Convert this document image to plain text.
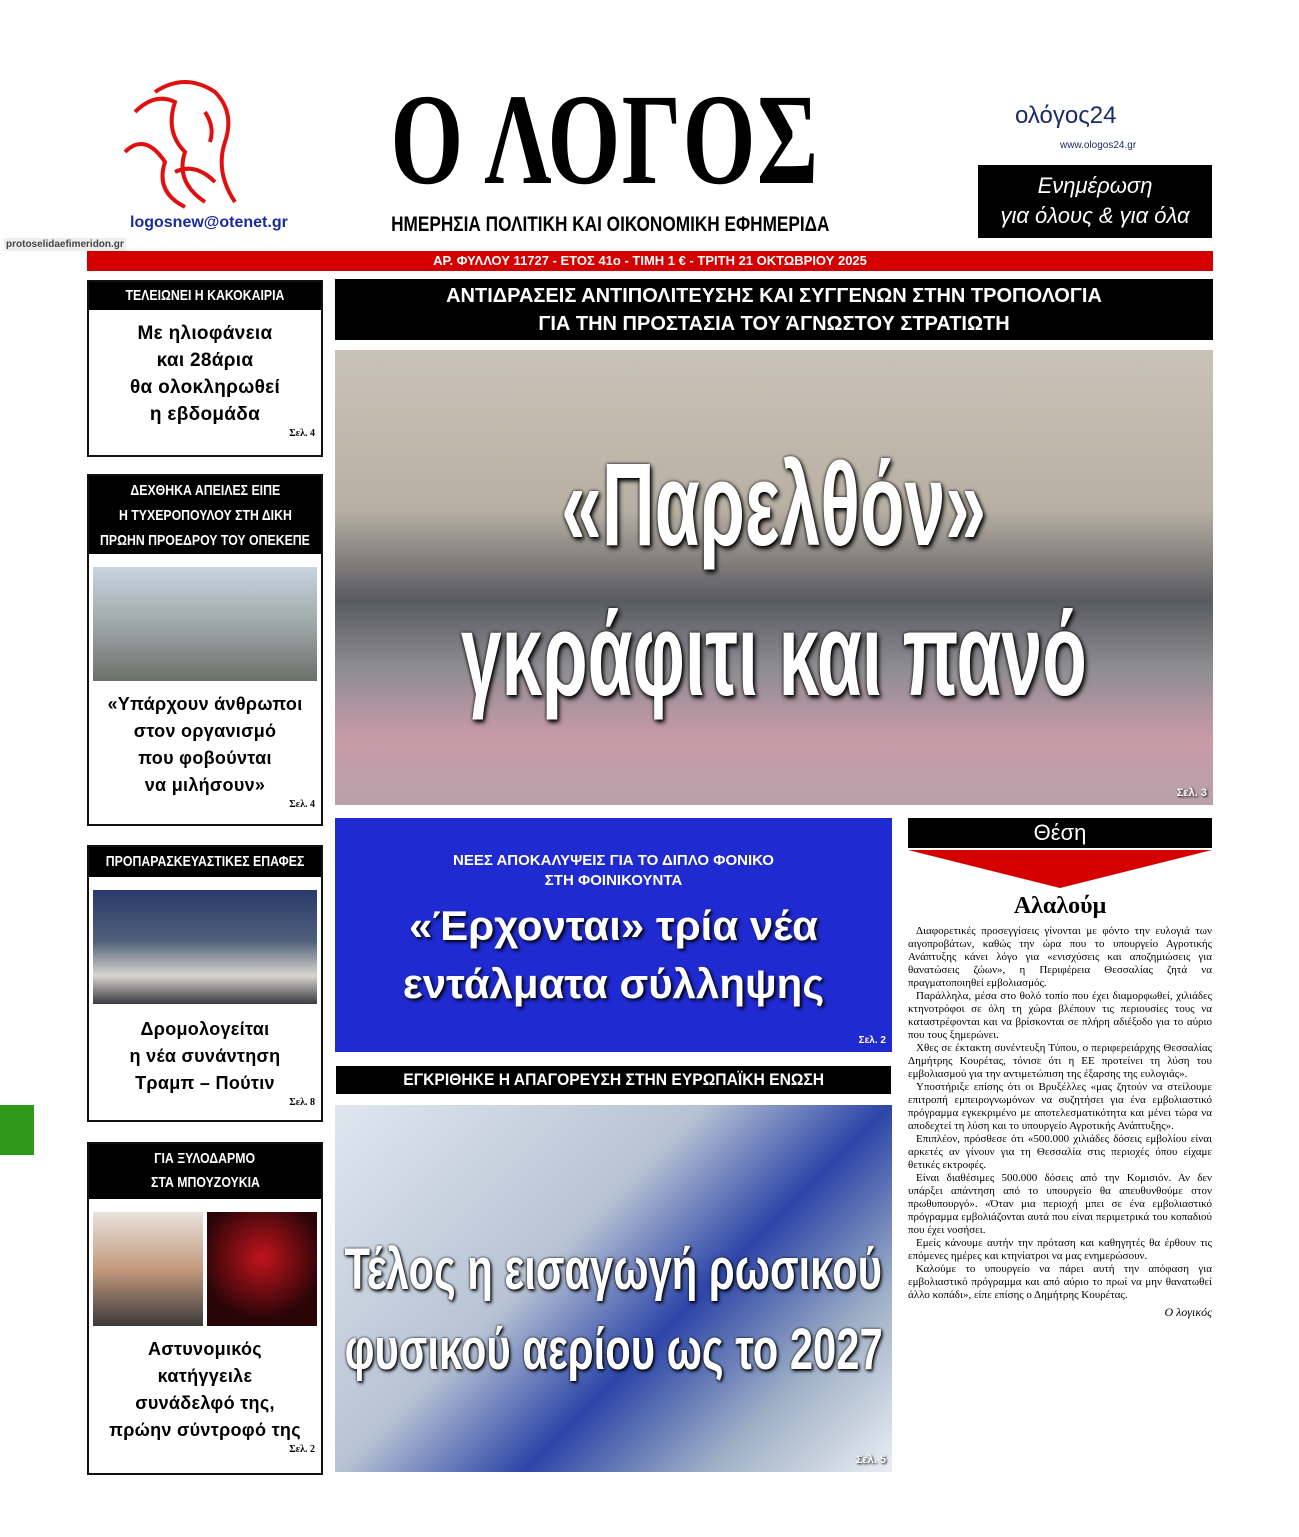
logosnew@otenet.gr
protoselidaefimeridon.gr
Ο ΛΟΓΟΣ
ΗΜΕΡΗΣΙΑ ΠΟΛΙΤΙΚΗ ΚΑΙ ΟΙΚΟΝΟΜΙΚΗ ΕΦΗΜΕΡΙΔΑ
ολόγος24
www.ologos24.gr
Ενημέρωση
για όλους & για όλα
ΑΡ. ΦΥΛΛΟΥ 11727 - ΕΤΟΣ 41ο - ΤΙΜΗ 1 € - ΤΡΙΤΗ 21 ΟΚΤΩΒΡΙΟΥ 2025
ΤΕΛΕΙΩΝΕΙ Η ΚΑΚΟΚΑΙΡΙΑ
Με ηλιοφάνεια
και 28άρια
θα ολοκληρωθεί
η εβδομάδα
Σελ. 4
ΔΕΧΘΗΚΑ ΑΠΕΙΛΕΣ ΕΙΠΕ
Η ΤΥΧΕΡΟΠΟΥΛΟΥ ΣΤΗ ΔΙΚΗ
ΠΡΩΗΝ ΠΡΟΕΔΡΟΥ ΤΟΥ ΟΠΕΚΕΠΕ
«Υπάρχουν άνθρωποι
στον οργανισμό
που φοβούνται
να μιλήσουν»
Σελ. 4
ΠΡΟΠΑΡΑΣΚΕΥΑΣΤΙΚΕΣ ΕΠΑΦΕΣ
Δρομολογείται
η νέα συνάντηση
Τραμπ – Πούτιν
Σελ. 8
ΓΙΑ ΞΥΛΟΔΑΡΜΟ
ΣΤΑ ΜΠΟΥΖΟΥΚΙΑ
Αστυνομικός
κατήγγειλε
συνάδελφό της,
πρώην σύντροφό της
Σελ. 2
ΑΝΤΙΔΡΑΣΕΙΣ ΑΝΤΙΠΟΛΙΤΕΥΣΗΣ ΚΑΙ ΣΥΓΓΕΝΩΝ ΣΤΗΝ ΤΡΟΠΟΛΟΓΙΑ
ΓΙΑ ΤΗΝ ΠΡΟΣΤΑΣΙΑ ΤΟΥ ΆΓΝΩΣΤΟΥ ΣΤΡΑΤΙΩΤΗ
«Παρελθόν»
γκράφιτι και πανό
Σελ. 3
ΝΕΕΣ ΑΠΟΚΑΛΥΨΕΙΣ ΓΙΑ ΤΟ ΔΙΠΛΟ ΦΟΝΙΚΟ
ΣΤΗ ΦΟΙΝΙΚΟΥΝΤΑ
«Έρχονται» τρία νέα
εντάλματα σύλληψης
Σελ. 2
ΕΓΚΡΙΘΗΚΕ Η ΑΠΑΓΟΡΕΥΣΗ ΣΤΗΝ ΕΥΡΩΠΑΪΚΗ ΕΝΩΣΗ
Τέλος η εισαγωγή ρωσικού
φυσικού αερίου ως το 2027
Σελ. 5
Θέση
Αλαλούμ

Διαφορετικές προσεγγίσεις γίνονται με φόντο την ευλογιά των αιγοπροβάτων, καθώς την ώρα που το υπουργείο Αγροτικής Ανάπτυξης κάνει λόγο για «ενισχύσεις και αποζημιώσεις για θανατώσεις ζώων», η Περιφέρεια Θεσσαλίας ζητά να πραγματοποιηθεί εμβολιασμός.

Παράλληλα, μέσα στο θολό τοπίο που έχει διαμορφωθεί, χιλιάδες κτηνοτρόφοι σε όλη τη χώρα βλέπουν τις περιουσίες τους να καταστρέφονται και να βρίσκονται σε πλήρη αδιέξοδο για το αύριο που τους ξημερώνει.

Χθες σε έκτακτη συνέντευξη Τύπου, ο περιφερειάρχης Θεσσαλίας Δημήτρης Κουρέτας, τόνισε ότι η ΕΕ προτείνει τη λύση του εμβολιασμού για την αντιμετώπιση της έξαρσης της ευλογιάς».

Υποστήριξε επίσης ότι οι Βρυξέλλες «μας ζητούν να στείλουμε επιτροπή εμπειρογνωμόνων να συζητήσει για ένα εμβολιαστικό πρόγραμμα εγκεκριμένο με αποτελεσματικότητα και μένει τώρα να αποδεχτεί τη λύση και το υπουργείο Αγροτικής Ανάπτυξης».

Επιπλέον, πρόσθεσε ότι «500.000 χιλιάδες δόσεις εμβολίου είναι αρκετές αν γίνουν για τη Θεσσαλία στις περιοχές όπου είχαμε θετικές εκτροφές.

Είναι διαθέσιμες 500.000 δόσεις από την Κομισιόν. Αν δεν υπάρξει απάντηση από το υπουργείο θα απευθυνθούμε στον πρωθυπουργό». «Όταν μια περιοχή μπει σε ένα εμβολιαστικό πρόγραμμα εμβολιάζονται αυτά που είναι περιμετρικά του κοπαδιού που έχει νοσήσει.

Εμείς κάνουμε αυτήν την πρόταση και καθηγητές θα έρθουν τις επόμενες ημέρες και κτηνίατροι να μας ενημερώσουν.

Καλούμε το υπουργείο να πάρει αυτή την απόφαση για εμβολιαστικό πρόγραμμα και από αύριο το πρωί να μην θανατωθεί άλλο κοπάδι», είπε επίσης ο Δημήτρης Κουρέτας.

Ο λογικός
